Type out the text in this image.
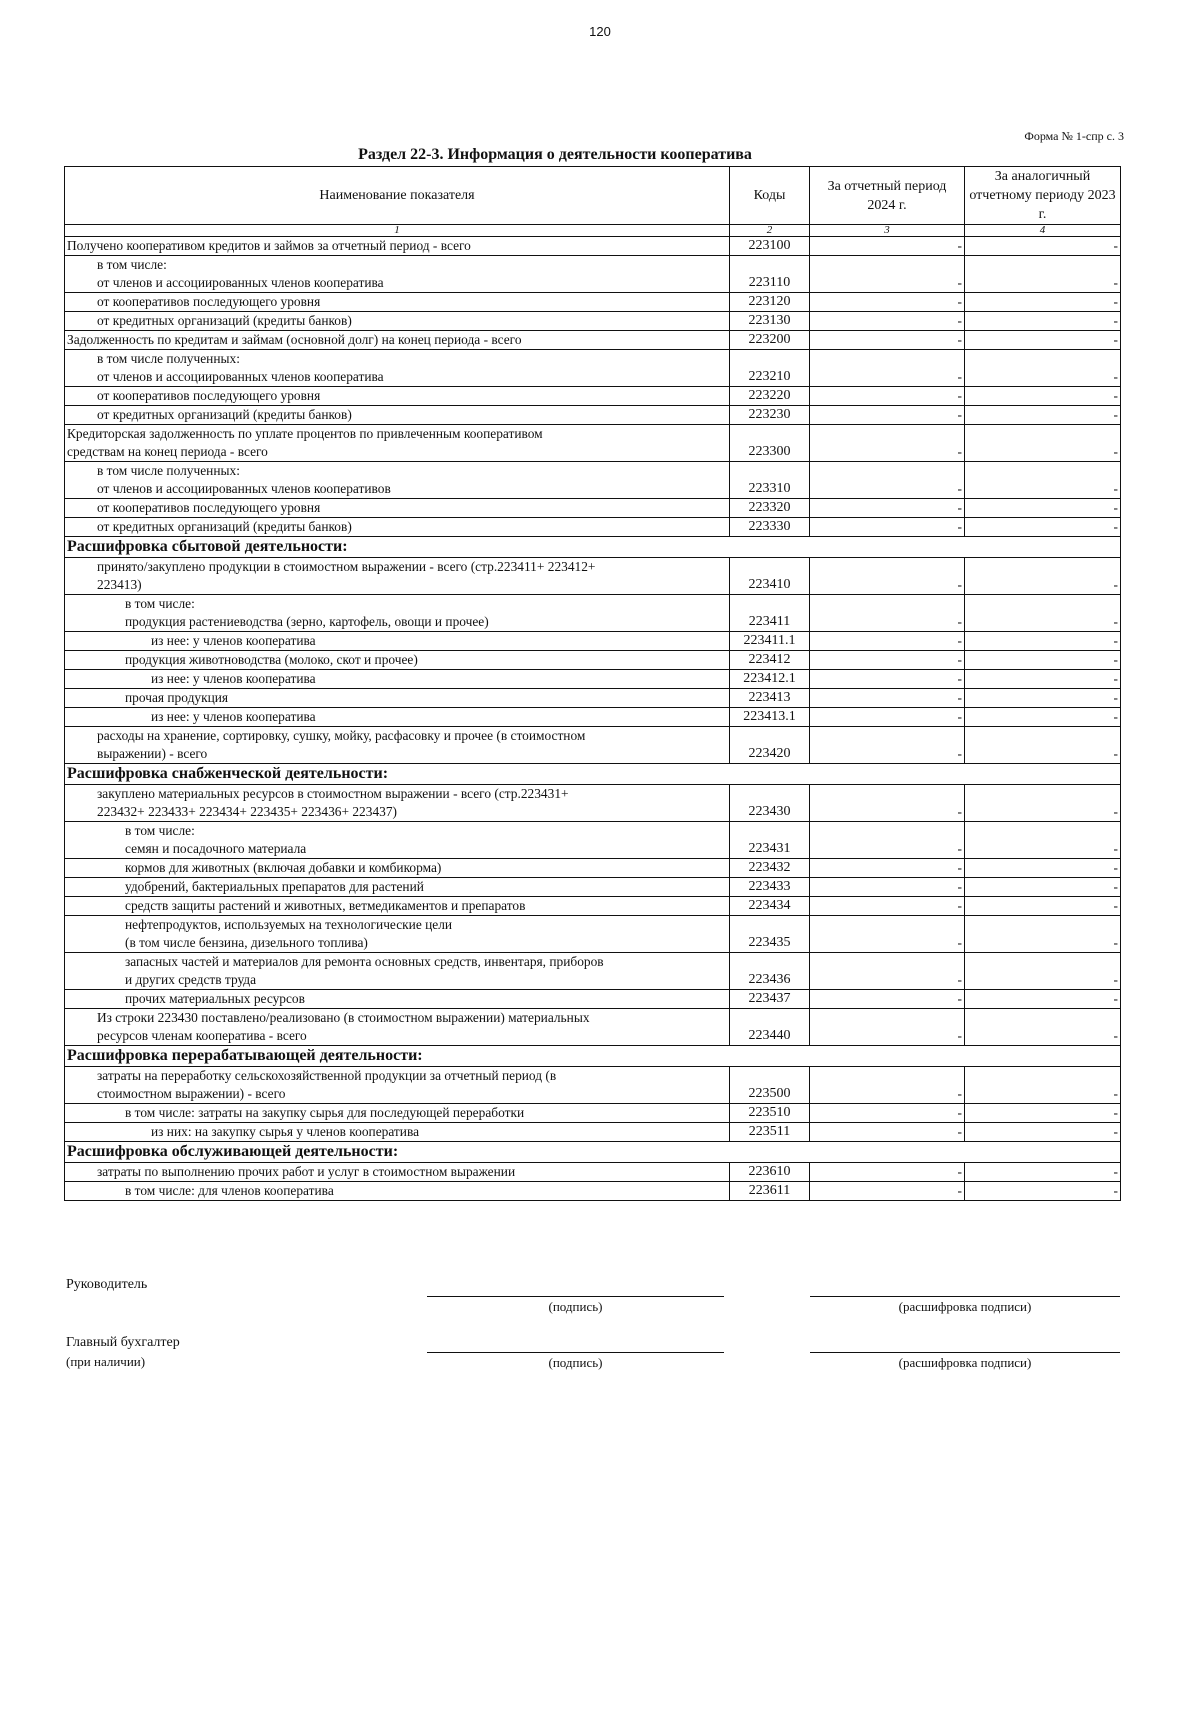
120
Форма № 1-спр с. 3
Раздел 22-3. Информация о деятельности кооператива
Наименование показателя	Коды	За отчетный период 2024 г.	За аналогичный отчетному периоду 2023 г.
1	2	3	4

Получено кооперативом кредитов и займов за отчетный период - всего	223100	-	-

в том числе:
от членов и ассоциированных членов кооператива	223110	-	-

от кооперативов последующего уровня	223120	-	-

от кредитных организаций (кредиты банков)	223130	-	-

Задолженность по кредитам и займам (основной долг) на конец периода - всего	223200	-	-

в том числе полученных:
от членов и ассоциированных членов кооператива	223210	-	-

от кооперативов последующего уровня	223220	-	-

от кредитных организаций (кредиты банков)	223230	-	-

Кредиторская задолженность по уплате процентов по привлеченным кооперативом
средствам на конец периода - всего	223300	-	-

в том числе полученных:
от членов и ассоциированных членов кооперативов	223310	-	-

от кооперативов последующего уровня	223320	-	-

от кредитных организаций (кредиты банков)	223330	-	-
Расшифровка сбытовой деятельности:			

принято/закуплено продукции в стоимостном выражении - всего (стр.223411+ 223412+
223413)	223410	-	-

в том числе:
продукция растениеводства (зерно, картофель, овощи и прочее)	223411	-	-

из нее: у членов кооператива	223411.1	-	-

продукция животноводства (молоко, скот и прочее)	223412	-	-

из нее: у членов кооператива	223412.1	-	-

прочая продукция	223413	-	-

из нее: у членов кооператива	223413.1	-	-

расходы на хранение, сортировку, сушку, мойку, расфасовку и прочее (в стоимостном
выражении) - всего	223420	-	-
Расшифровка снабженческой деятельности:			

закуплено материальных ресурсов в стоимостном выражении - всего (стр.223431+
223432+ 223433+ 223434+ 223435+ 223436+ 223437)	223430	-	-

в том числе:
семян и посадочного материала	223431	-	-

кормов для животных (включая добавки и комбикорма)	223432	-	-

удобрений, бактериальных препаратов для растений	223433	-	-

средств защиты растений и животных, ветмедикаментов и препаратов	223434	-	-

нефтепродуктов, используемых на технологические цели
(в том числе бензина, дизельного топлива)	223435	-	-

запасных частей и материалов для ремонта основных средств, инвентаря, приборов
и других средств труда	223436	-	-

прочих материальных ресурсов	223437	-	-

Из строки 223430 поставлено/реализовано (в стоимостном выражении) материальных
ресурсов членам кооператива - всего	223440	-	-
Расшифровка перерабатывающей деятельности:			

затраты на переработку сельскохозяйственной продукции за отчетный период (в
стоимостном выражении) - всего	223500	-	-

в том числе: затраты на закупку сырья для последующей переработки	223510	-	-

из них: на закупку сырья у членов кооператива	223511	-	-
Расшифровка обслуживающей деятельности:			

затраты по выполнению прочих работ и услуг в стоимостном выражении	223610	-	-

в том числе: для членов кооператива	223611	-	-
Руководитель
(подпись)	(расшифровка подписи)
Главный бухгалтер
(при наличии)	(подпись)	(расшифровка подписи)
